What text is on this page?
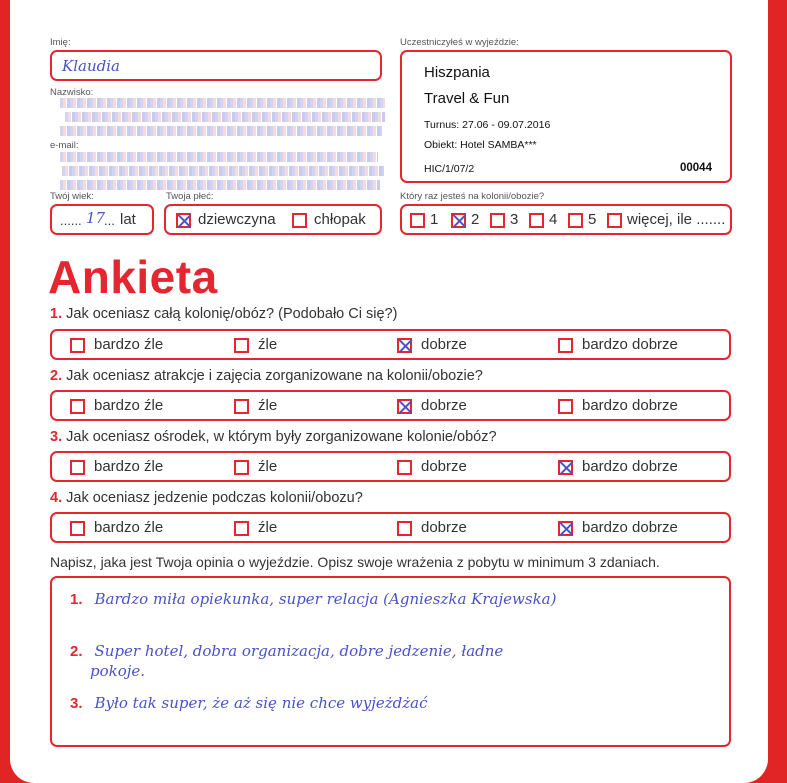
Imię:
Klaudia
Nazwisko:
e-mail:
Twój wiek:
...... 17
... lat
Twoja płeć:
dziewczyna	chłopak
Uczestniczyłeś w wyjeździe:
Hiszpania
Travel & Fun
Turnus: 27.06 - 09.07.2016
Obiekt: Hotel SAMBA***
HIC/1/07/2	00044
Który raz jesteś na kolonii/obozie?
1 2 3 4 5 więcej, ile .......
Ankieta
1. Jak oceniasz całą kolonię/obóz? (Podobało Ci się?)
bardzo źle	źle	dobrze	bardzo dobrze
2. Jak oceniasz atrakcje i zajęcia zorganizowane na kolonii/obozie?
bardzo źle	źle	dobrze	bardzo dobrze
3. Jak oceniasz ośrodek, w którym były zorganizowane kolonie/obóz?
bardzo źle	źle	dobrze	bardzo dobrze
4. Jak oceniasz jedzenie podczas kolonii/obozu?
bardzo źle	źle	dobrze	bardzo dobrze
Napisz, jaka jest Twoja opinia o wyjeździe. Opisz swoje wrażenia z pobytu w minimum 3 zdaniach.
1. Bardzo miła opiekunka, super relacja (Agnieszka Krajewska)
2. Super hotel, dobra organizacja, dobre jedzenie, ładne
pokoje.
3. Było tak super, że aż się nie chce wyjeżdżać
